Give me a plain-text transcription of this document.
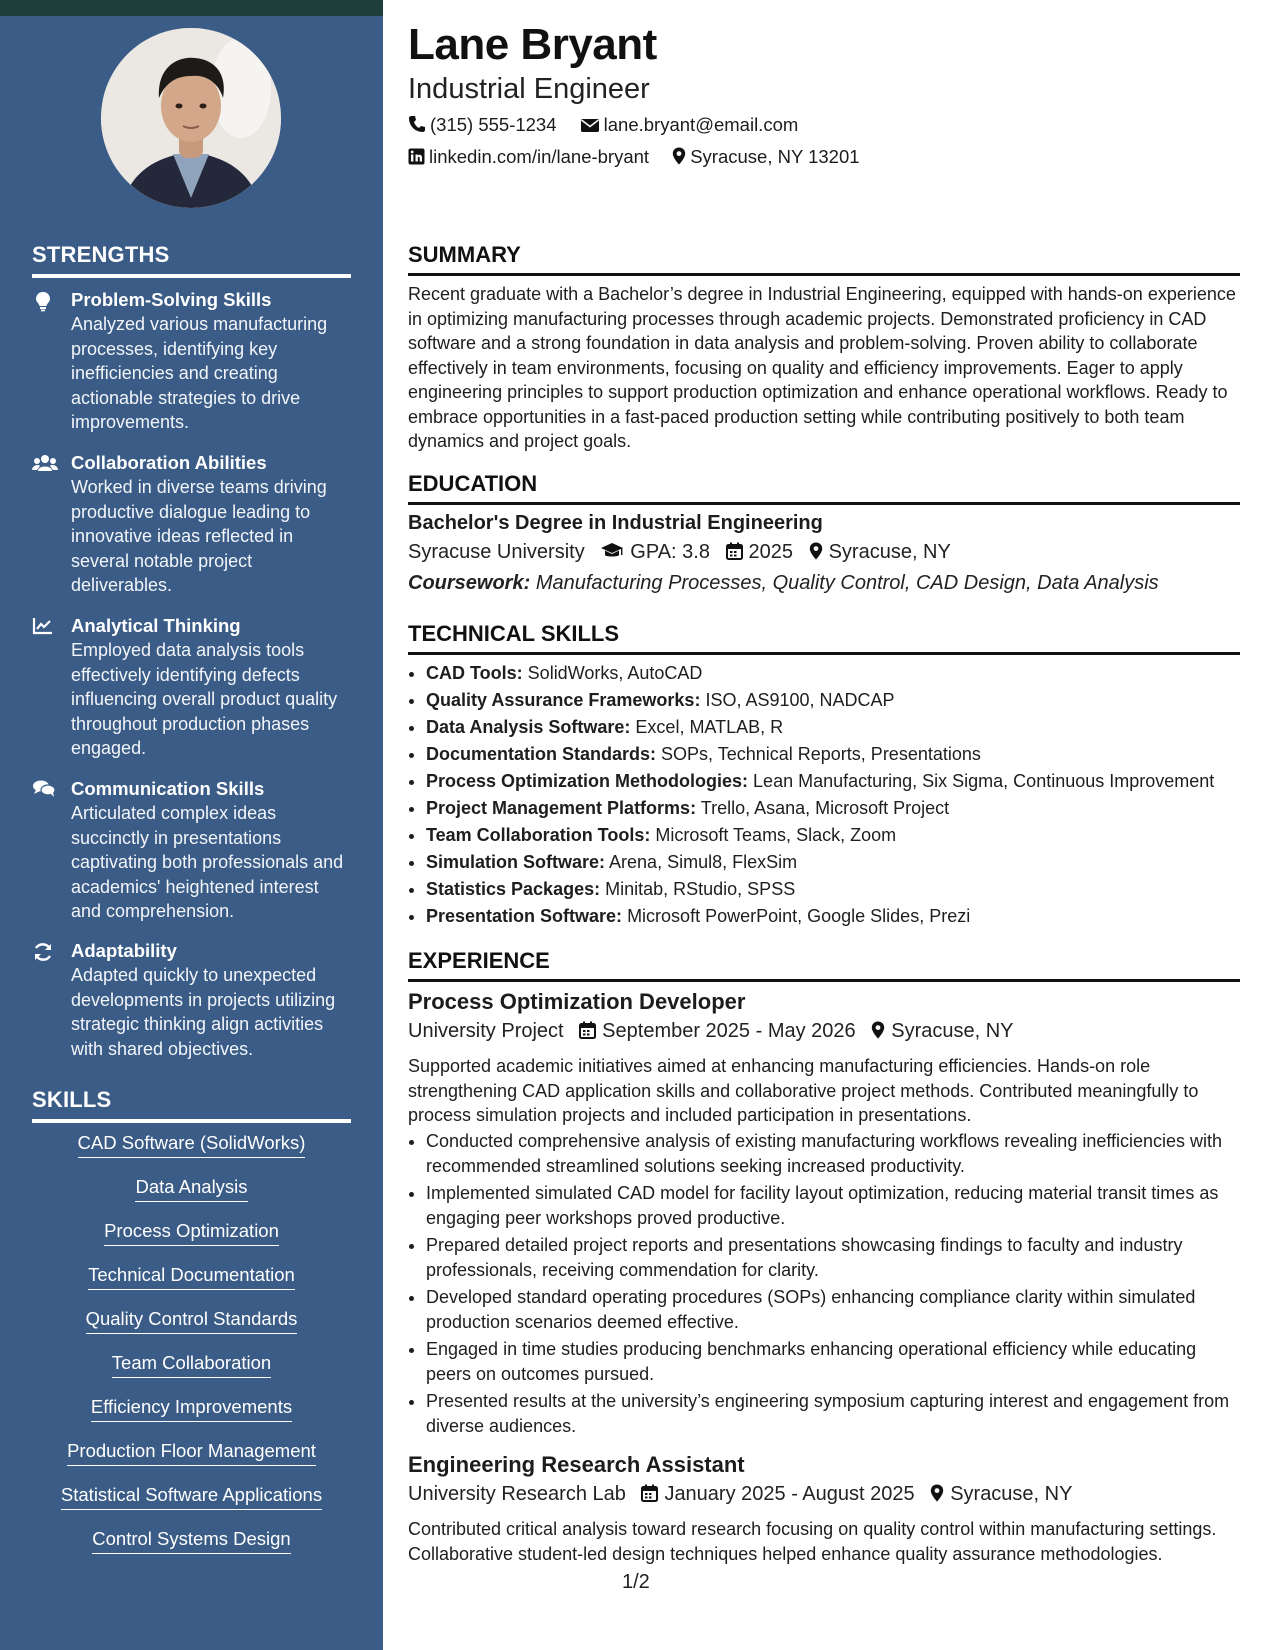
STRENGTHS
Problem-Solving Skills
Analyzed various manufacturing processes, identifying key inefficiencies and creating actionable strategies to drive improvements.
Collaboration Abilities
Worked in diverse teams driving productive dialogue leading to innovative ideas reflected in several notable project deliverables.
Analytical Thinking
Employed data analysis tools effectively identifying defects influencing overall product quality throughout production phases engaged.
Communication Skills
Articulated complex ideas succinctly in presentations captivating both professionals and academics' heightened interest and comprehension.
Adaptability
Adapted quickly to unexpected developments in projects utilizing strategic thinking align activities with shared objectives.
SKILLS
CAD Software (SolidWorks)
Data Analysis
Process Optimization
Technical Documentation
Quality Control Standards
Team Collaboration
Efficiency Improvements
Production Floor Management
Statistical Software Applications
Control Systems Design
Lane Bryant
Industrial Engineer
(315) 555-1234	lane.bryant@email.com
linkedin.com/in/lane-bryant Syracuse, NY 13201
SUMMARY
Recent graduate with a Bachelor’s degree in Industrial Engineering, equipped with hands-on experience in optimizing manufacturing processes through academic projects. Demonstrated proficiency in CAD software and a strong foundation in data analysis and problem-solving. Proven ability to collaborate effectively in team environments, focusing on quality and efficiency improvements. Eager to apply engineering principles to support production optimization and enhance operational workflows. Ready to embrace opportunities in a fast-paced production setting while contributing positively to both team dynamics and project goals.
EDUCATION
Bachelor's Degree in Industrial Engineering
Syracuse University GPA: 3.8 2025 Syracuse, NY
Coursework: Manufacturing Processes, Quality Control, CAD Design, Data Analysis
TECHNICAL SKILLS
• CAD Tools: SolidWorks, AutoCAD
• Quality Assurance Frameworks: ISO, AS9100, NADCAP
• Data Analysis Software: Excel, MATLAB, R
• Documentation Standards: SOPs, Technical Reports, Presentations
• Process Optimization Methodologies: Lean Manufacturing, Six Sigma, Continuous Improvement
• Project Management Platforms: Trello, Asana, Microsoft Project
• Team Collaboration Tools: Microsoft Teams, Slack, Zoom
• Simulation Software: Arena, Simul8, FlexSim
• Statistics Packages: Minitab, RStudio, SPSS
• Presentation Software: Microsoft PowerPoint, Google Slides, Prezi
EXPERIENCE
Process Optimization Developer
University Project September 2025 - May 2026 Syracuse, NY
Supported academic initiatives aimed at enhancing manufacturing efficiencies. Hands-on role strengthening CAD application skills and collaborative project methods. Contributed meaningfully to process simulation projects and included participation in presentations.
• Conducted comprehensive analysis of existing manufacturing workflows revealing inefficiencies with recommended streamlined solutions seeking increased productivity.
• Implemented simulated CAD model for facility layout optimization, reducing material transit times as engaging peer workshops proved productive.
• Prepared detailed project reports and presentations showcasing findings to faculty and industry professionals, receiving commendation for clarity.
• Developed standard operating procedures (SOPs) enhancing compliance clarity within simulated production scenarios deemed effective.
• Engaged in time studies producing benchmarks enhancing operational efficiency while educating peers on outcomes pursued.
• Presented results at the university’s engineering symposium capturing interest and engagement from diverse audiences.
Engineering Research Assistant
University Research Lab January 2025 - August 2025 Syracuse, NY
Contributed critical analysis toward research focusing on quality control within manufacturing settings. Collaborative student-led design techniques helped enhance quality assurance methodologies.
1/2
